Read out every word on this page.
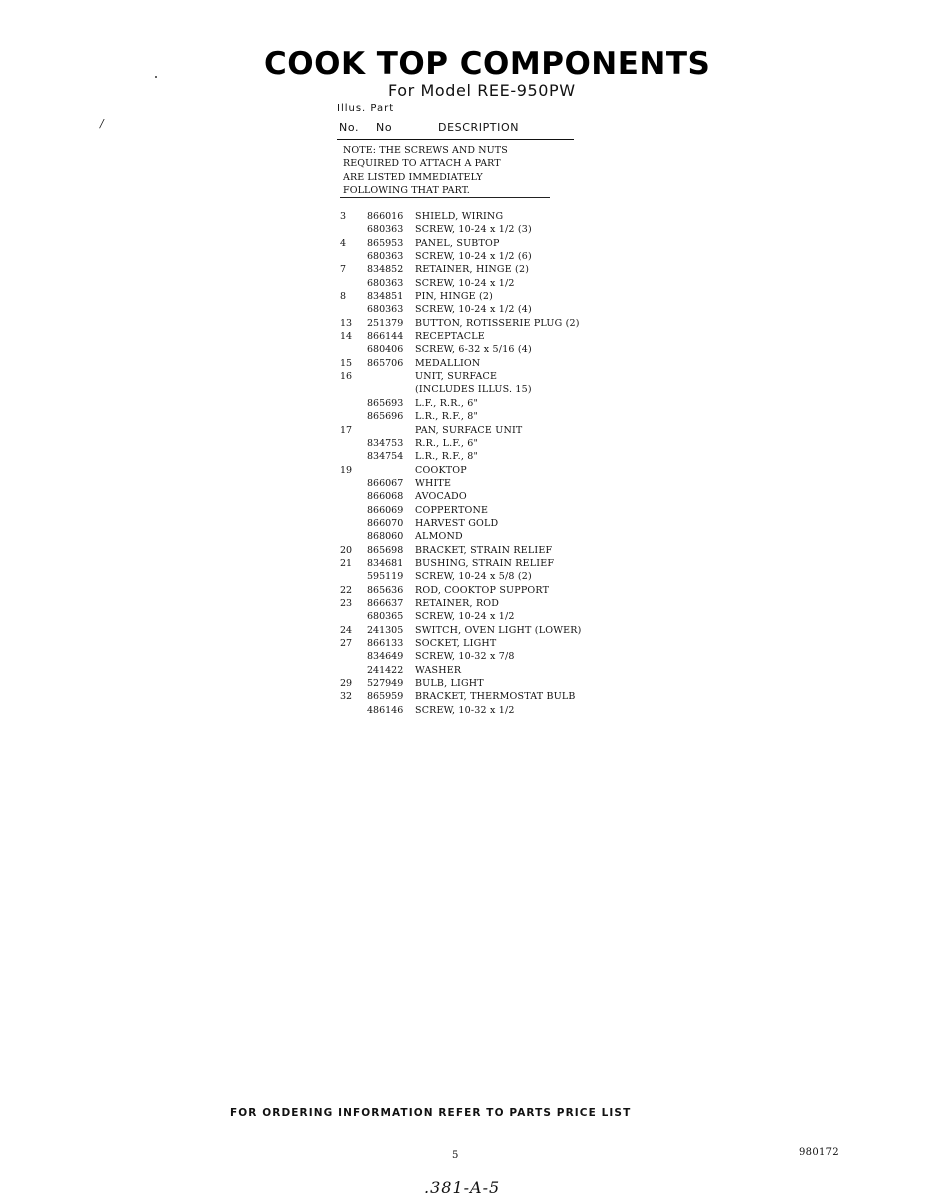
/
COOK TOP COMPONENTS
For Model REE-950PW
Illus. Part
No. No	DESCRIPTION
NOTE: THE SCREWS AND NUTS
REQUIRED TO ATTACH A PART
ARE LISTED IMMEDIATELY
FOLLOWING THAT PART.
3 866016 SHIELD, WIRING
680363 SCREW, 10-24 x 1/2 (3)
4 865953 PANEL, SUBTOP
680363 SCREW, 10-24 x 1/2 (6)
7 834852 RETAINER, HINGE (2)
680363 SCREW, 10-24 x 1/2
8 834851 PIN, HINGE (2)
680363 SCREW, 10-24 x 1/2 (4)
13 251379 BUTTON, ROTISSERIE PLUG (2)
14 866144 RECEPTACLE
680406 SCREW, 6-32 x 5/16 (4)
15 865706 MEDALLION
16	UNIT, SURFACE
(INCLUDES ILLUS. 15)
865693 L.F., R.R., 6"
865696 L.R., R.F., 8"
17	PAN, SURFACE UNIT
834753 R.R., L.F., 6"
834754 L.R., R.F., 8"
19	COOKTOP
866067 WHITE
866068 AVOCADO
866069 COPPERTONE
866070 HARVEST GOLD
868060 ALMOND
20 865698 BRACKET, STRAIN RELIEF
21 834681 BUSHING, STRAIN RELIEF
595119 SCREW, 10-24 x 5/8 (2)
22 865636 ROD, COOKTOP SUPPORT
23 866637 RETAINER, ROD
680365 SCREW, 10-24 x 1/2
24 241305 SWITCH, OVEN LIGHT (LOWER)
27 866133 SOCKET, LIGHT
834649 SCREW, 10-32 x 7/8
241422 WASHER
29 527949 BULB, LIGHT
32 865959 BRACKET, THERMOSTAT BULB
486146 SCREW, 10-32 x 1/2
FOR ORDERING INFORMATION REFER TO PARTS PRICE LIST
5	980172
.381-A-5
